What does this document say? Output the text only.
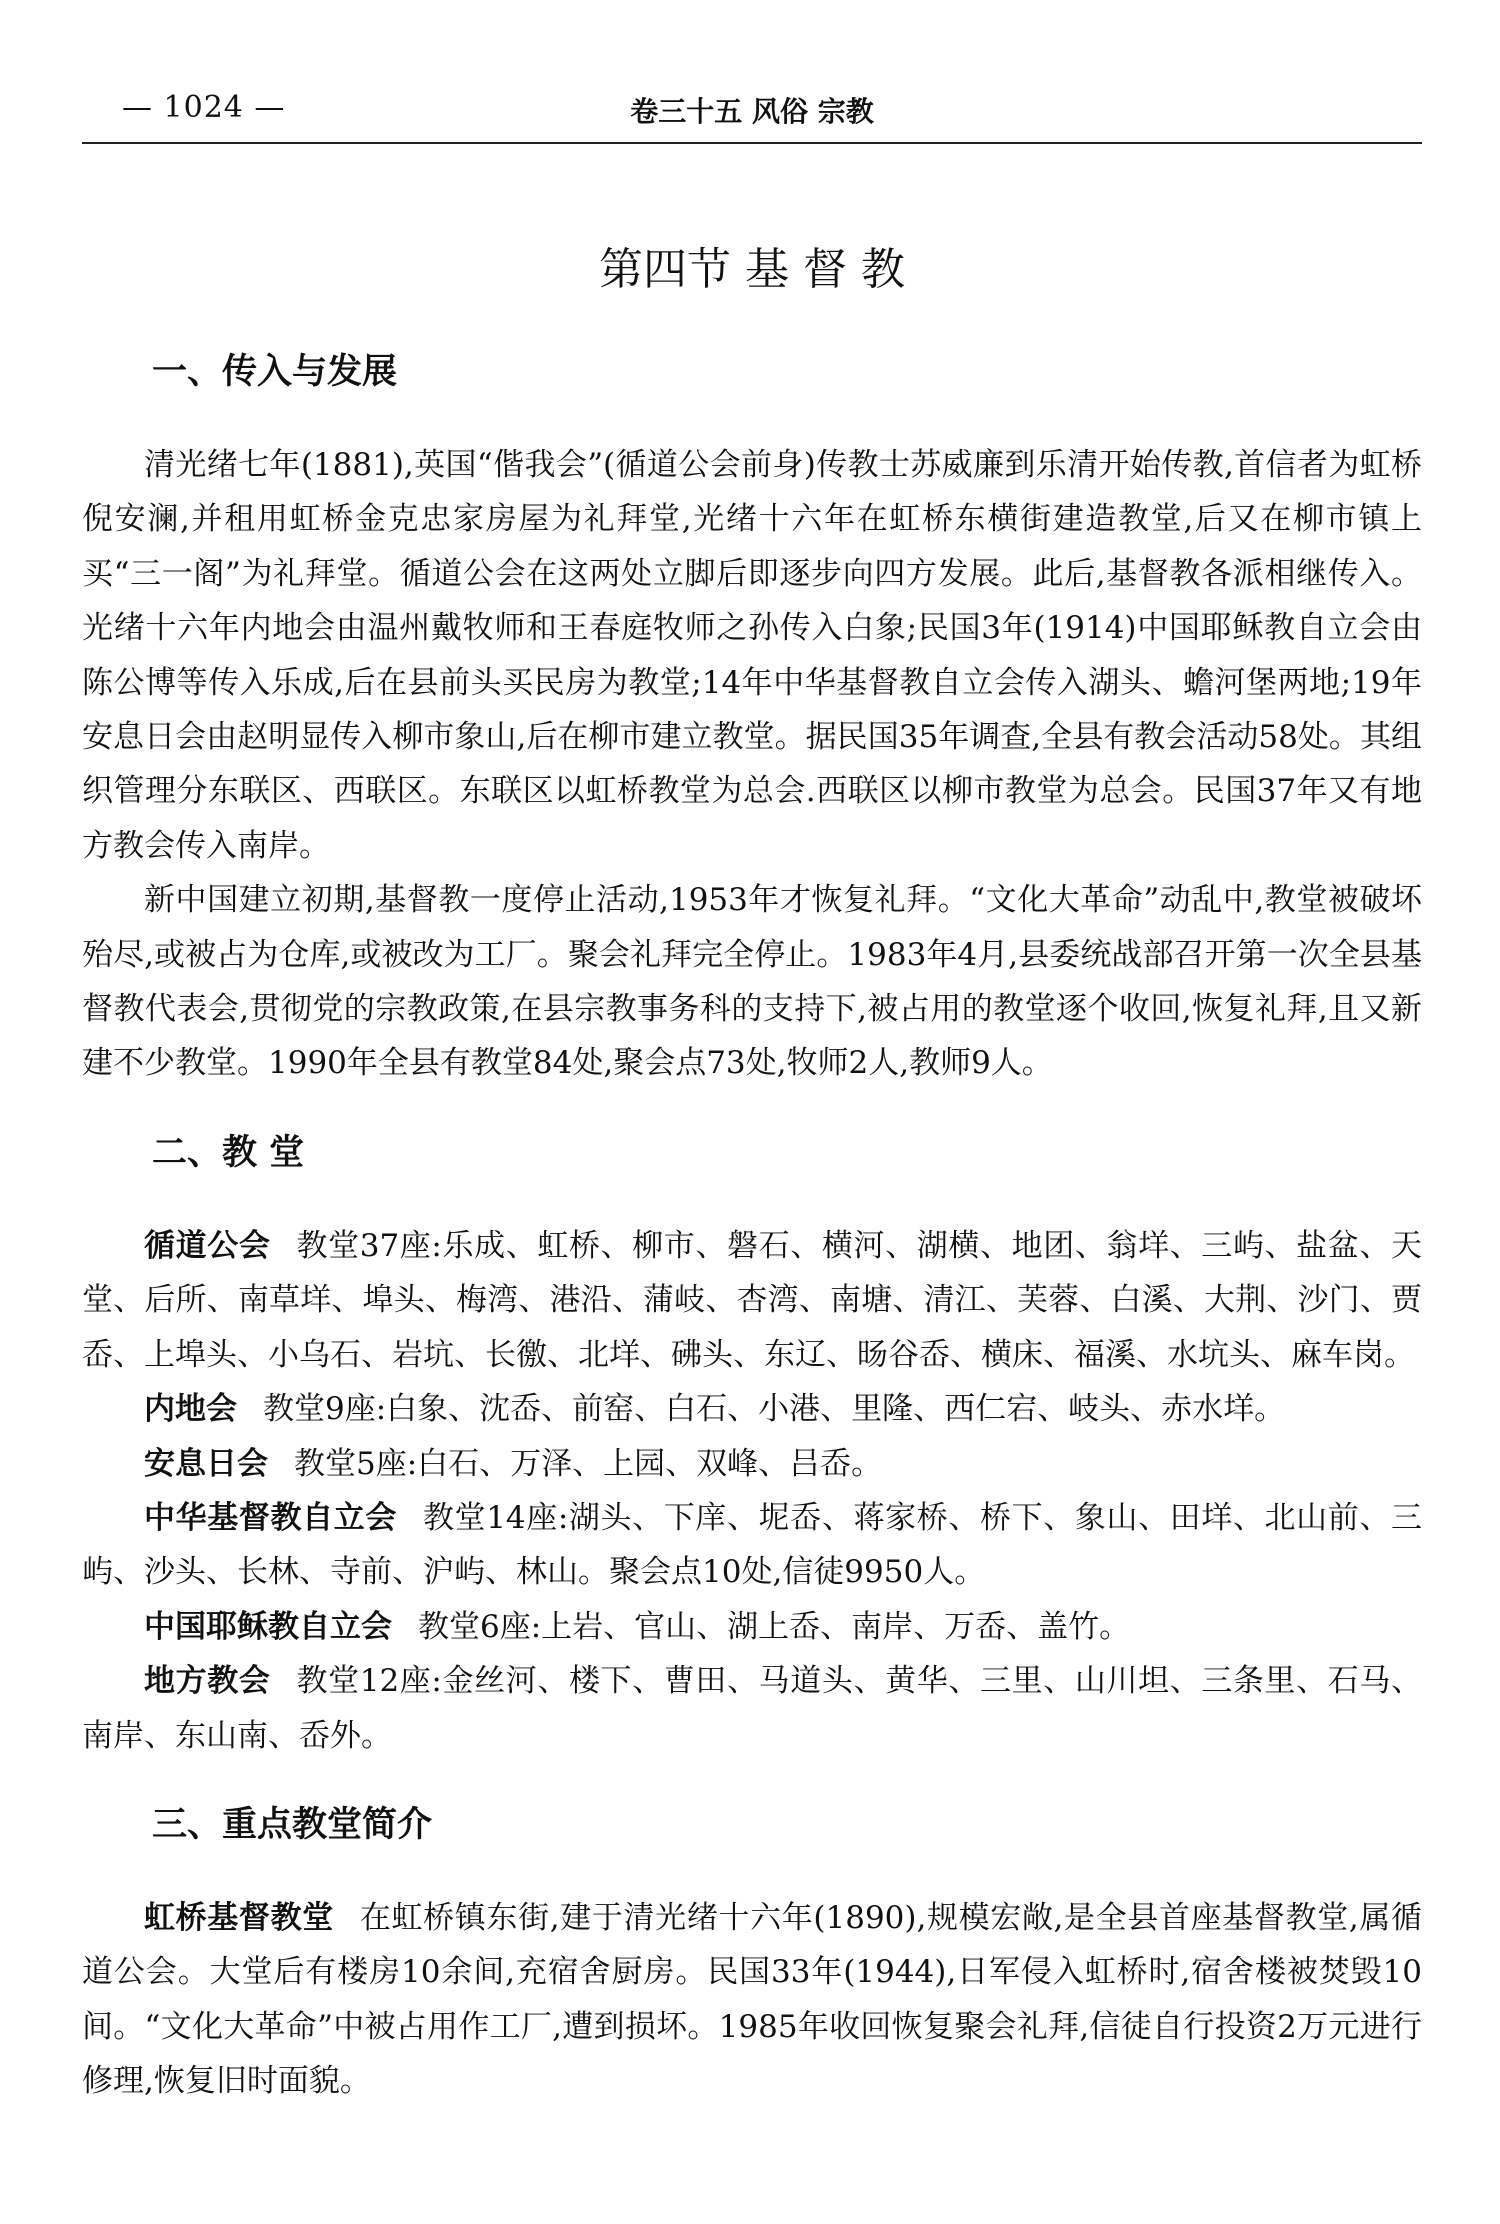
— 1024 —	卷三十五 风俗 宗教
第四节 基 督 教
一、传入与发展

清光绪七年(1881),英国“偕我会”(循道公会前身)传教士苏威廉到乐清开始传教,首信者为虹桥倪安澜,并租用虹桥金克忠家房屋为礼拜堂,光绪十六年在虹桥东横街建造教堂,后又在柳市镇上买“三一阁”为礼拜堂。循道公会在这两处立脚后即逐步向四方发展。此后,基督教各派相继传入。光绪十六年内地会由温州戴牧师和王春庭牧师之孙传入白象;民国3年(1914)中国耶稣教自立会由陈公博等传入乐成,后在县前头买民房为教堂;14年中华基督教自立会传入湖头、蟾河堡两地;19年安息日会由赵明显传入柳市象山,后在柳市建立教堂。据民国35年调查,全县有教会活动58处。其组织管理分东联区、西联区。东联区以虹桥教堂为总会.西联区以柳市教堂为总会。民国37年又有地方教会传入南岸。

新中国建立初期,基督教一度停止活动,1953年才恢复礼拜。“文化大革命”动乱中,教堂被破坏殆尽,或被占为仓库,或被改为工厂。聚会礼拜完全停止。1983年4月,县委统战部召开第一次全县基督教代表会,贯彻党的宗教政策,在县宗教事务科的支持下,被占用的教堂逐个收回,恢复礼拜,且又新建不少教堂。1990年全县有教堂84处,聚会点73处,牧师2人,教师9人。

二、教 堂

循道公会 教堂37座:乐成、虹桥、柳市、磐石、横河、湖横、地团、翁垟、三屿、盐盆、天堂、后所、南草垟、埠头、梅湾、港沿、蒲岐、杏湾、南塘、清江、芙蓉、白溪、大荆、沙门、贾岙、上埠头、小乌石、岩坑、长徼、北垟、砩头、东辽、旸谷岙、横床、福溪、水坑头、麻车岗。

内地会 教堂9座:白象、沈岙、前窑、白石、小港、里隆、西仁宕、岐头、赤水垟。

安息日会 教堂5座:白石、万泽、上园、双峰、吕岙。

中华基督教自立会 教堂14座:湖头、下庠、坭岙、蒋家桥、桥下、象山、田垟、北山前、三屿、沙头、长林、寺前、沪屿、林山。聚会点10处,信徒9950人。

中国耶稣教自立会 教堂6座:上岩、官山、湖上岙、南岸、万岙、盖竹。

地方教会 教堂12座:金丝河、楼下、曹田、马道头、黄华、三里、山川坦、三条里、石马、南岸、东山南、岙外。

三、重点教堂简介

虹桥基督教堂 在虹桥镇东街,建于清光绪十六年(1890),规模宏敞,是全县首座基督教堂,属循道公会。大堂后有楼房10余间,充宿舍厨房。民国33年(1944),日军侵入虹桥时,宿舍楼被焚毁10间。“文化大革命”中被占用作工厂,遭到损坏。1985年收回恢复聚会礼拜,信徒自行投资2万元进行修理,恢复旧时面貌。
